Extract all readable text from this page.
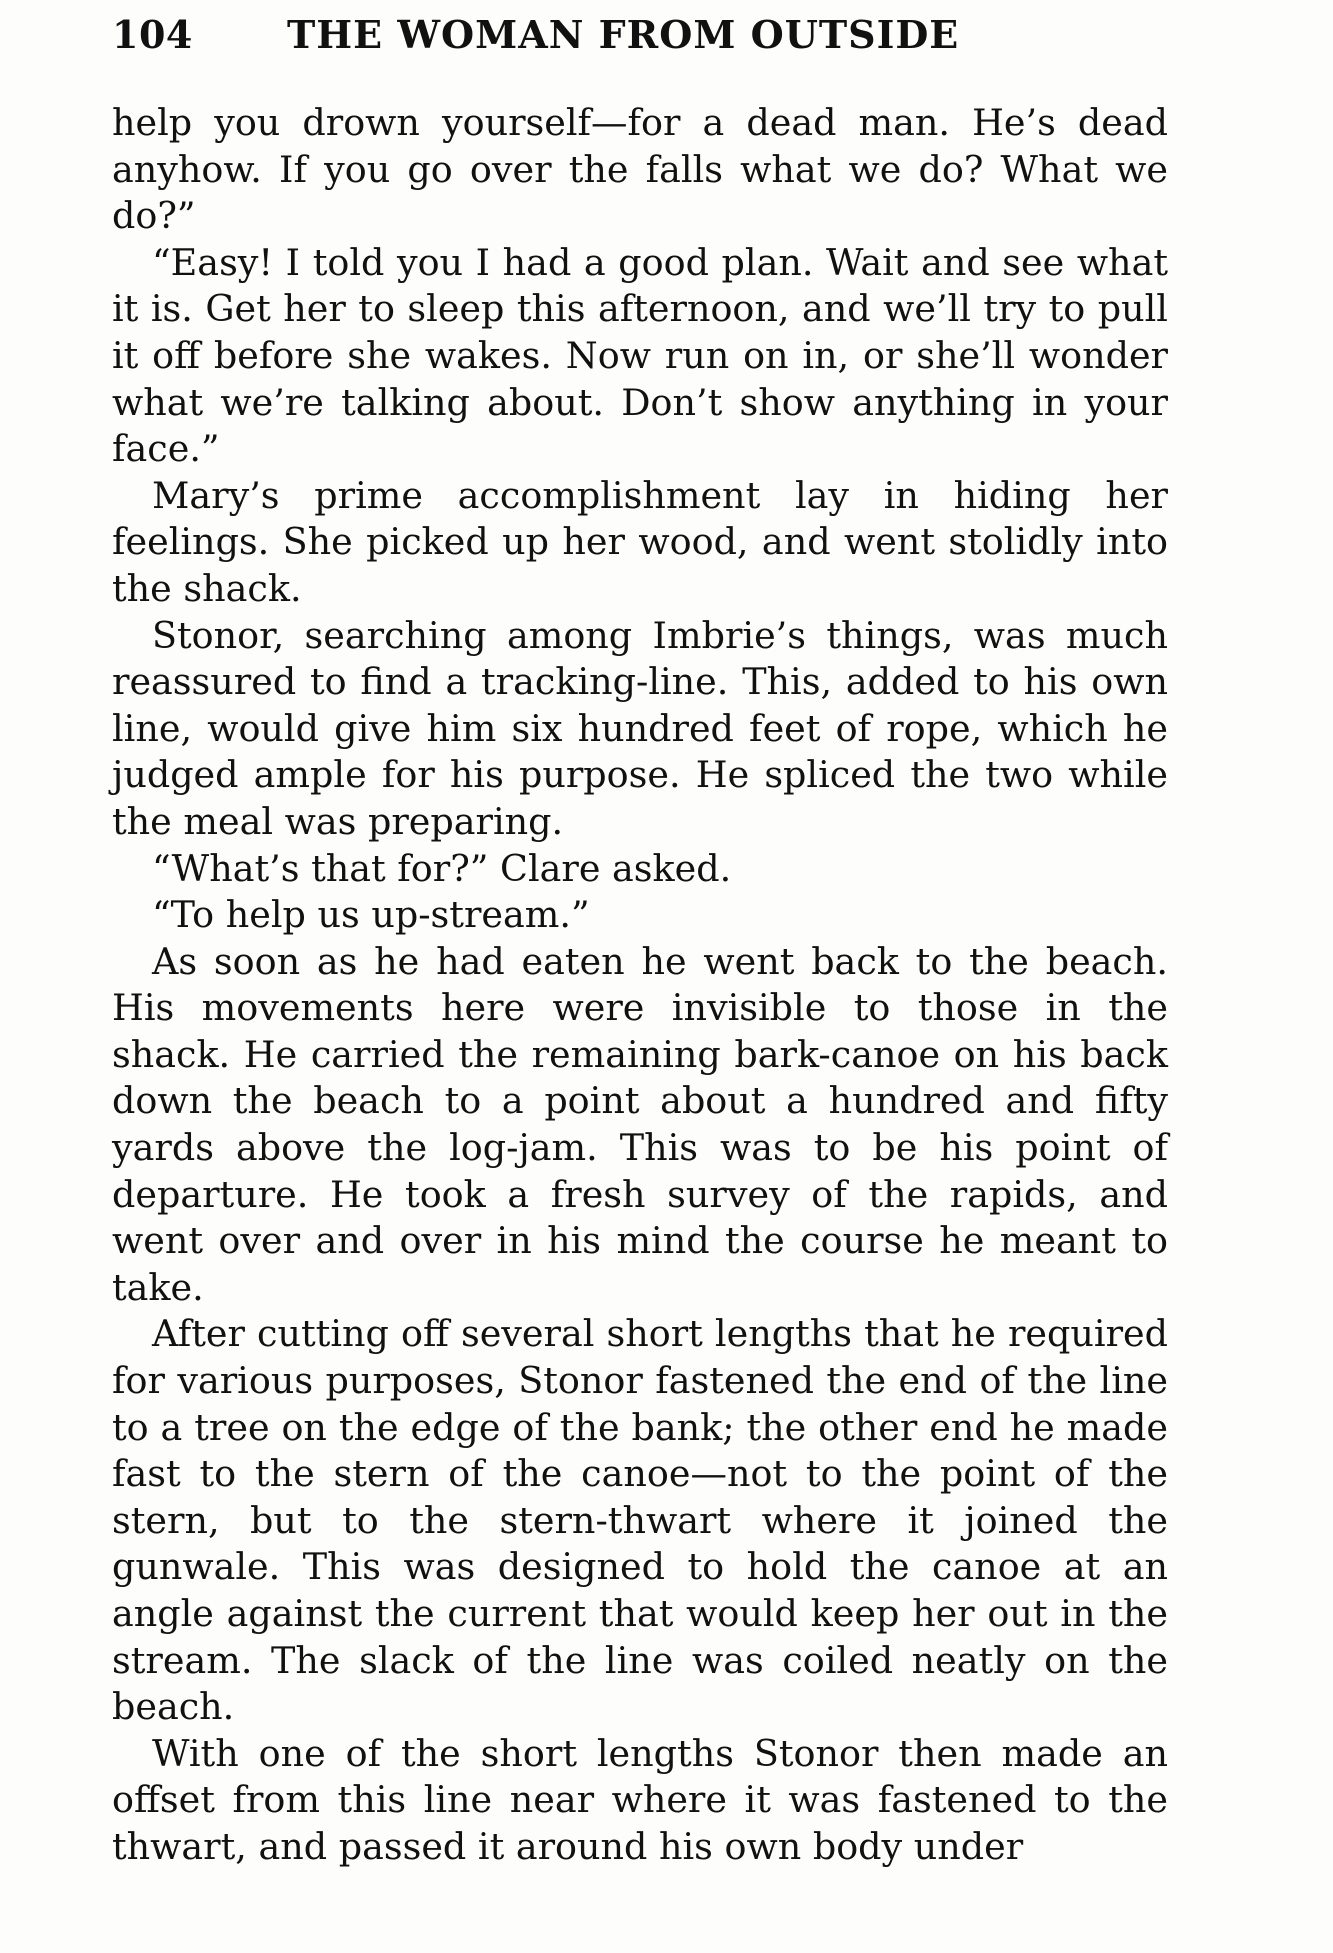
104 THE WOMAN FROM OUTSIDE

help you drown yourself—for a dead man. He’s dead anyhow. If you go over the falls what we do? What we do?”

“Easy! I told you I had a good plan. Wait and see what it is. Get her to sleep this afternoon, and we’ll try to pull it off before she wakes. Now run on in, or she’ll wonder what we’re talking about. Don’t show anything in your face.”

Mary’s prime accomplishment lay in hiding her feelings. She picked up her wood, and went stolidly into the shack.

Stonor, searching among Imbrie’s things, was much reassured to find a tracking-line. This, added to his own line, would give him six hundred feet of rope, which he judged ample for his purpose. He spliced the two while the meal was preparing.

“What’s that for?” Clare asked.

“To help us up-stream.”

As soon as he had eaten he went back to the beach. His movements here were invisible to those in the shack. He carried the remaining bark-canoe on his back down the beach to a point about a hundred and fifty yards above the log-jam. This was to be his point of departure. He took a fresh survey of the rapids, and went over and over in his mind the course he meant to take.

After cutting off several short lengths that he required for various purposes, Stonor fastened the end of the line to a tree on the edge of the bank; the other end he made fast to the stern of the canoe—not to the point of the stern, but to the stern-thwart where it joined the gunwale. This was designed to hold the canoe at an angle against the current that would keep her out in the stream. The slack of the line was coiled neatly on the beach.

With one of the short lengths Stonor then made an offset from this line near where it was fastened to the thwart, and passed it around his own body under
